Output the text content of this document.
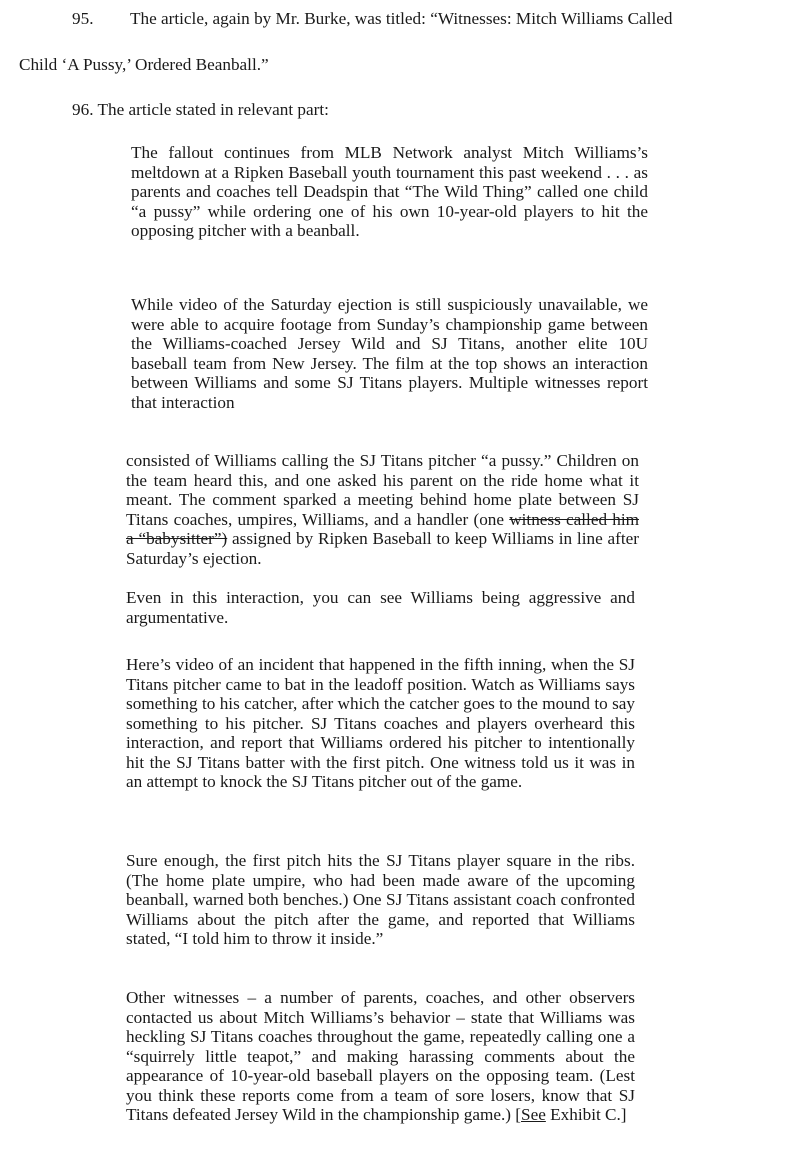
95. The article, again by Mr. Burke, was titled: “Witnesses: Mitch Williams Called
Child ‘A Pussy,’ Ordered Beanball.”
96. The article stated in relevant part:
The fallout continues from MLB Network analyst Mitch Williams’s meltdown at a Ripken Baseball youth tournament this past weekend . . . as parents and coaches tell Deadspin that “The Wild Thing” called one child “a pussy” while ordering one of his own 10-year-old players to hit the opposing pitcher with a beanball.
While video of the Saturday ejection is still suspiciously unavailable, we were able to acquire footage from Sunday’s championship game between the Williams-coached Jersey Wild and SJ Titans, another elite 10U baseball team from New Jersey. The film at the top shows an interaction between Williams and some SJ Titans players. Multiple witnesses report that interaction
consisted of Williams calling the SJ Titans pitcher “a pussy.” Children on the team heard this, and one asked his parent on the ride home what it meant. The comment sparked a meeting behind home plate between SJ Titans coaches, umpires, Williams, and a handler (one witness called him a “babysitter”) assigned by Ripken Baseball to keep Williams in line after Saturday’s ejection.
Even in this interaction, you can see Williams being aggressive and argumentative.
Here’s video of an incident that happened in the fifth inning, when the SJ Titans pitcher came to bat in the leadoff position. Watch as Williams says something to his catcher, after which the catcher goes to the mound to say something to his pitcher. SJ Titans coaches and players overheard this interaction, and report that Williams ordered his pitcher to intentionally hit the SJ Titans batter with the first pitch. One witness told us it was in an attempt to knock the SJ Titans pitcher out of the game.
Sure enough, the first pitch hits the SJ Titans player square in the ribs. (The home plate umpire, who had been made aware of the upcoming beanball, warned both benches.) One SJ Titans assistant coach confronted Williams about the pitch after the game, and reported that Williams stated, “I told him to throw it inside.”
Other witnesses – a number of parents, coaches, and other observers contacted us about Mitch Williams’s behavior – state that Williams was heckling SJ Titans coaches throughout the game, repeatedly calling one a “squirrely little teapot,” and making harassing comments about the appearance of 10-year-old baseball players on the opposing team. (Lest you think these reports come from a team of sore losers, know that SJ Titans defeated Jersey Wild in the championship game.) [See Exhibit C.]
